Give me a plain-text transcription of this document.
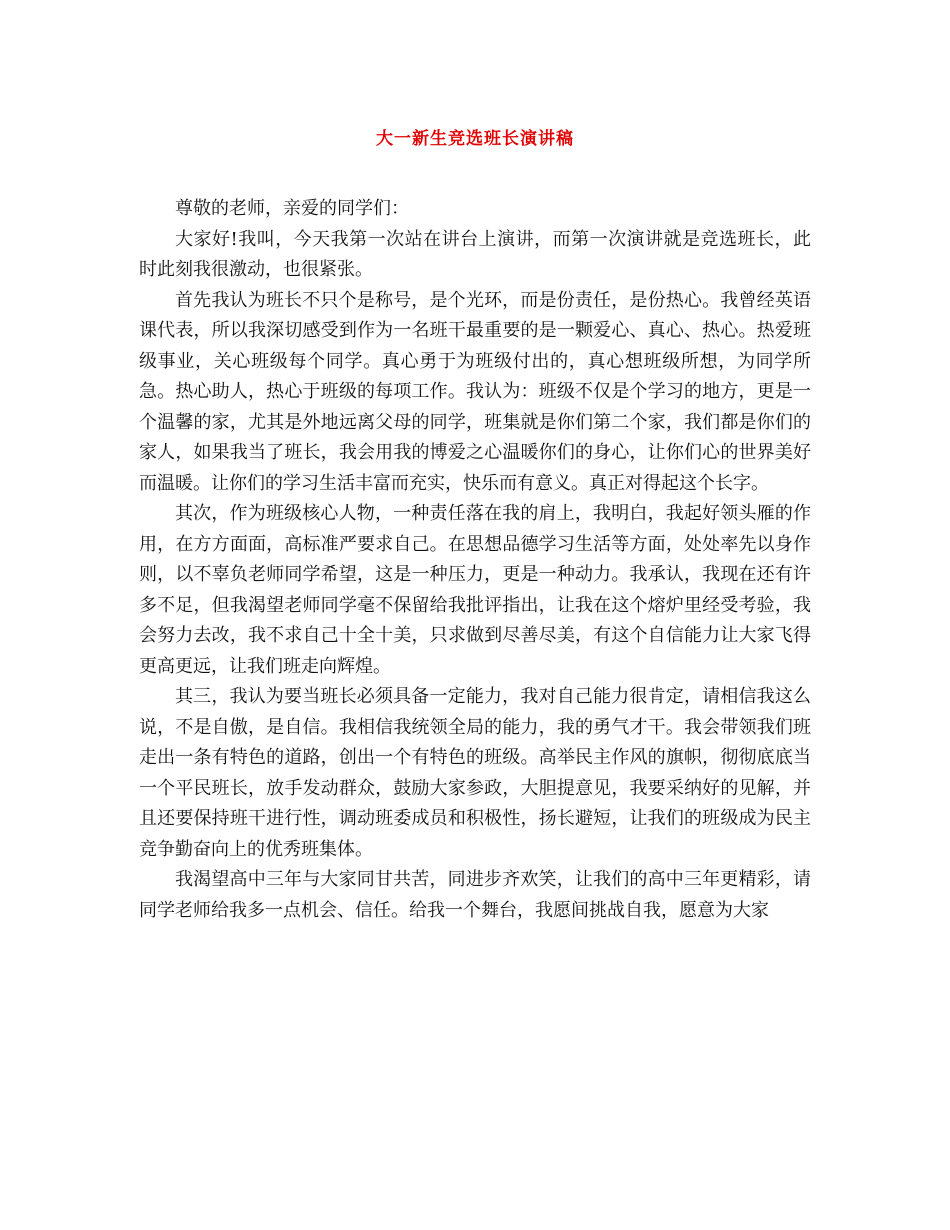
大一新生竞选班长演讲稿

尊敬的老师，亲爱的同学们：

大家好!我叫，今天我第一次站在讲台上演讲，而第一次演讲就是竞选班长，此时此刻我很激动，也很紧张。

首先我认为班长不只个是称号，是个光环，而是份责任，是份热心。我曾经英语课代表，所以我深切感受到作为一名班干最重要的是一颗爱心、真心、热心。热爱班级事业，关心班级每个同学。真心勇于为班级付出的，真心想班级所想，为同学所急。热心助人，热心于班级的每项工作。我认为：班级不仅是个学习的地方，更是一个温馨的家，尤其是外地远离父母的同学，班集就是你们第二个家，我们都是你们的家人，如果我当了班长，我会用我的博爱之心温暖你们的身心，让你们心的世界美好而温暖。让你们的学习生活丰富而充实，快乐而有意义。真正对得起这个长字。

其次，作为班级核心人物，一种责任落在我的肩上，我明白，我起好领头雁的作用，在方方面面，高标准严要求自己。在思想品德学习生活等方面，处处率先以身作则，以不辜负老师同学希望，这是一种压力，更是一种动力。我承认，我现在还有许多不足，但我渴望老师同学毫不保留给我批评指出，让我在这个熔炉里经受考验，我会努力去改，我不求自己十全十美，只求做到尽善尽美，有这个自信能力让大家飞得更高更远，让我们班走向辉煌。

其三，我认为要当班长必须具备一定能力，我对自己能力很肯定，请相信我这么说，不是自傲，是自信。我相信我统领全局的能力，我的勇气才干。我会带领我们班走出一条有特色的道路，创出一个有特色的班级。高举民主作风的旗帜，彻彻底底当一个平民班长，放手发动群众，鼓励大家参政，大胆提意见，我要采纳好的见解，并且还要保持班干进行性，调动班委成员和积极性，扬长避短，让我们的班级成为民主竞争勤奋向上的优秀班集体。

我渴望高中三年与大家同甘共苦，同进步齐欢笑，让我们的高中三年更精彩，请同学老师给我多一点机会、信任。给我一个舞台，我愿间挑战自我，愿意为大家
